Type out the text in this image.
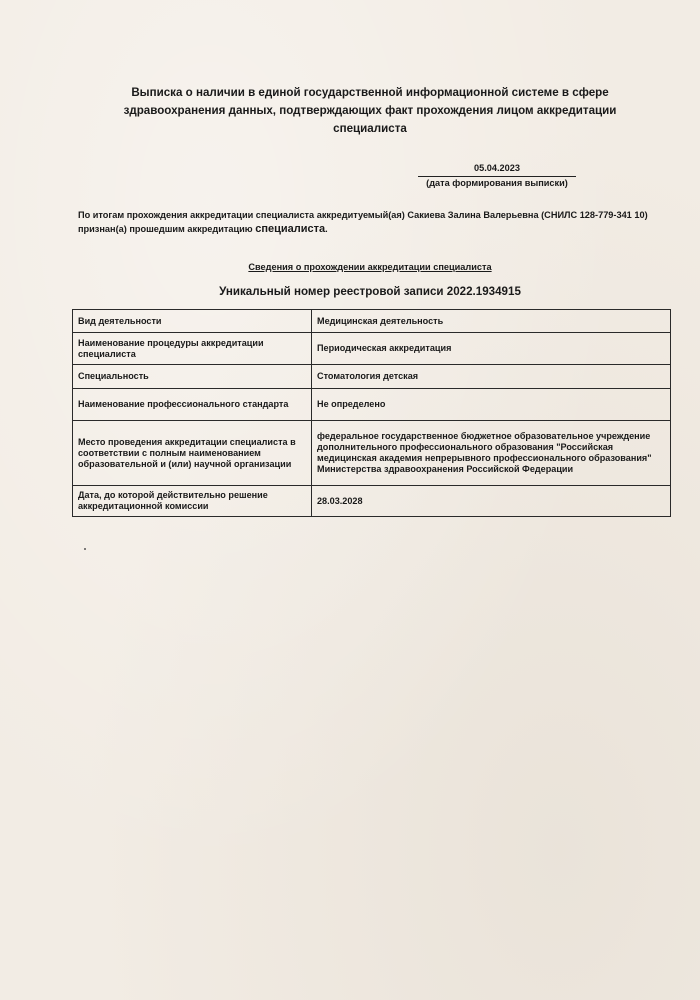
Выписка о наличии в единой государственной информационной системе в сфере здравоохранения данных, подтверждающих факт прохождения лицом аккредитации специалиста
05.04.2023
(дата формирования выписки)
По итогам прохождения аккредитации специалиста аккредитуемый(ая) Сакиева Залина Валерьевна (СНИЛС 128-779-341 10) признан(а) прошедшим аккредитацию специалиста.
Сведения о прохождении аккредитации специалиста
Уникальный номер реестровой записи 2022.1934915
Вид деятельности	Медицинская деятельность
Наименование процедуры аккредитации специалиста	Периодическая аккредитация
Специальность	Стоматология детская
Наименование профессионального стандарта	Не определено
Место проведения аккредитации специалиста в соответствии с полным наименованием образовательной и (или) научной организации	федеральное государственное бюджетное образовательное учреждение дополнительного профессионального образования "Российская медицинская академия непрерывного профессионального образования" Министерства здравоохранения Российской Федерации
Дата, до которой действительно решение аккредитационной комиссии	28.03.2028
